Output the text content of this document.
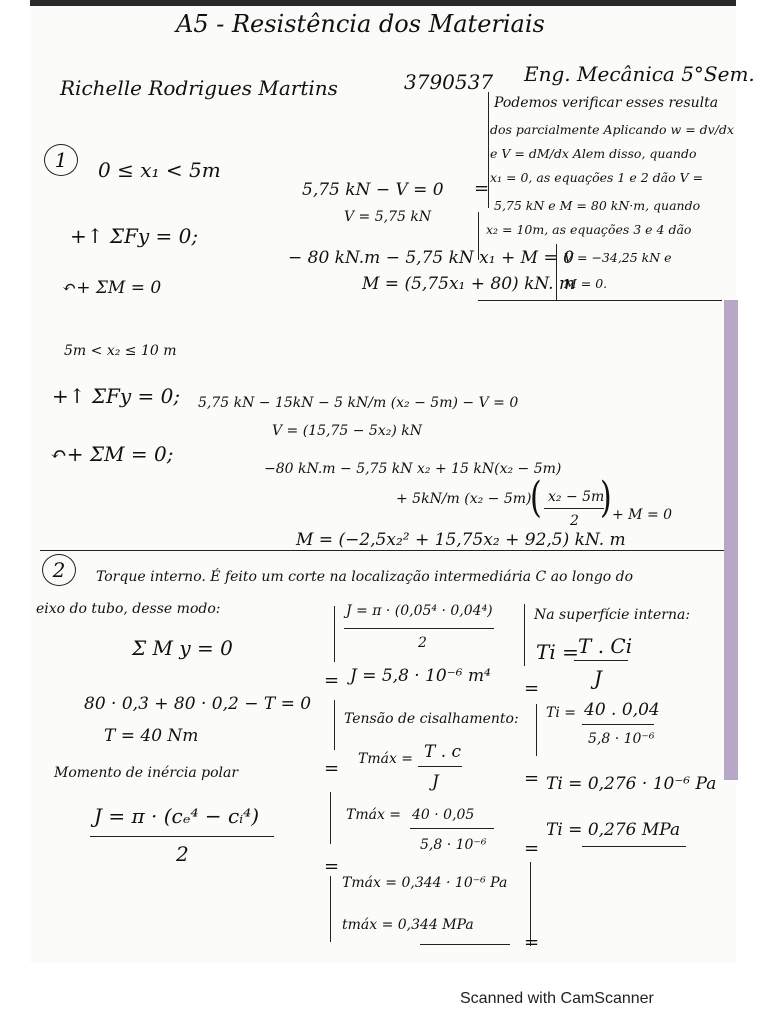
A5 - Resistência dos Materiais
Richelle Rodrigues Martins	3790537 Eng. Mecânica 5°Sem.
1	0 ≤ x₁ < 5m
+↑ ΣFy = 0;
↶+ ΣM = 0
5,75 kN − V = 0
V = 5,75 kN
− 80 kN.m − 5,75 kN x₁ + M = 0
M = (5,75x₁ + 80) kN. m
=
Podemos verificar esses resulta
dos parcialmente Aplicando w = dv/dx
e V = dM/dx Alem disso, quando
x₁ = 0, as equações 1 e 2 dão V =
5,75 kN e M = 80 kN·m, quando
x₂ = 10m, as equações 3 e 4 dão
V = −34,25 kN e
M = 0.
5m < x₂ ≤ 10 m
+↑ ΣFy = 0; 5,75 kN − 15kN − 5 kN/m (x₂ − 5m) − V = 0
V = (15,75 − 5x₂) kN
↶+ ΣM = 0;
−80 kN.m − 5,75 kN x₂ + 15 kN(x₂ − 5m)
+ 5kN/m (x₂ − 5m)
( x₂ − 5m
2 ) + M = 0
M = (−2,5x₂² + 15,75x₂ + 92,5) kN. m
2	Torque interno. É feito um corte na localização intermediária C ao longo do
eixo do tubo, desse modo:
Σ M y = 0
80 · 0,3 + 80 · 0,2 − T = 0
T = 40 Nm
Momento de inércia polar
J = π · (cₑ⁴ − cᵢ⁴)
2
J = π · (0,05⁴ · 0,04⁴)
2
= J = 5,8 · 10⁻⁶ m⁴
Tensão de cisalhamento:
= Tmáx = T . c
J
Tmáx = 40 · 0,05
5,8 · 10⁻⁶
=
Tmáx = 0,344 · 10⁻⁶ Pa
tmáx = 0,344 MPa
=
Na superfície interna:
Ti = T . Ci
J
=
Ti = 40 . 0,04
5,8 · 10⁻⁶
= Ti = 0,276 · 10⁻⁶ Pa
=
Ti = 0,276 MPa
Scanned with CamScanner
